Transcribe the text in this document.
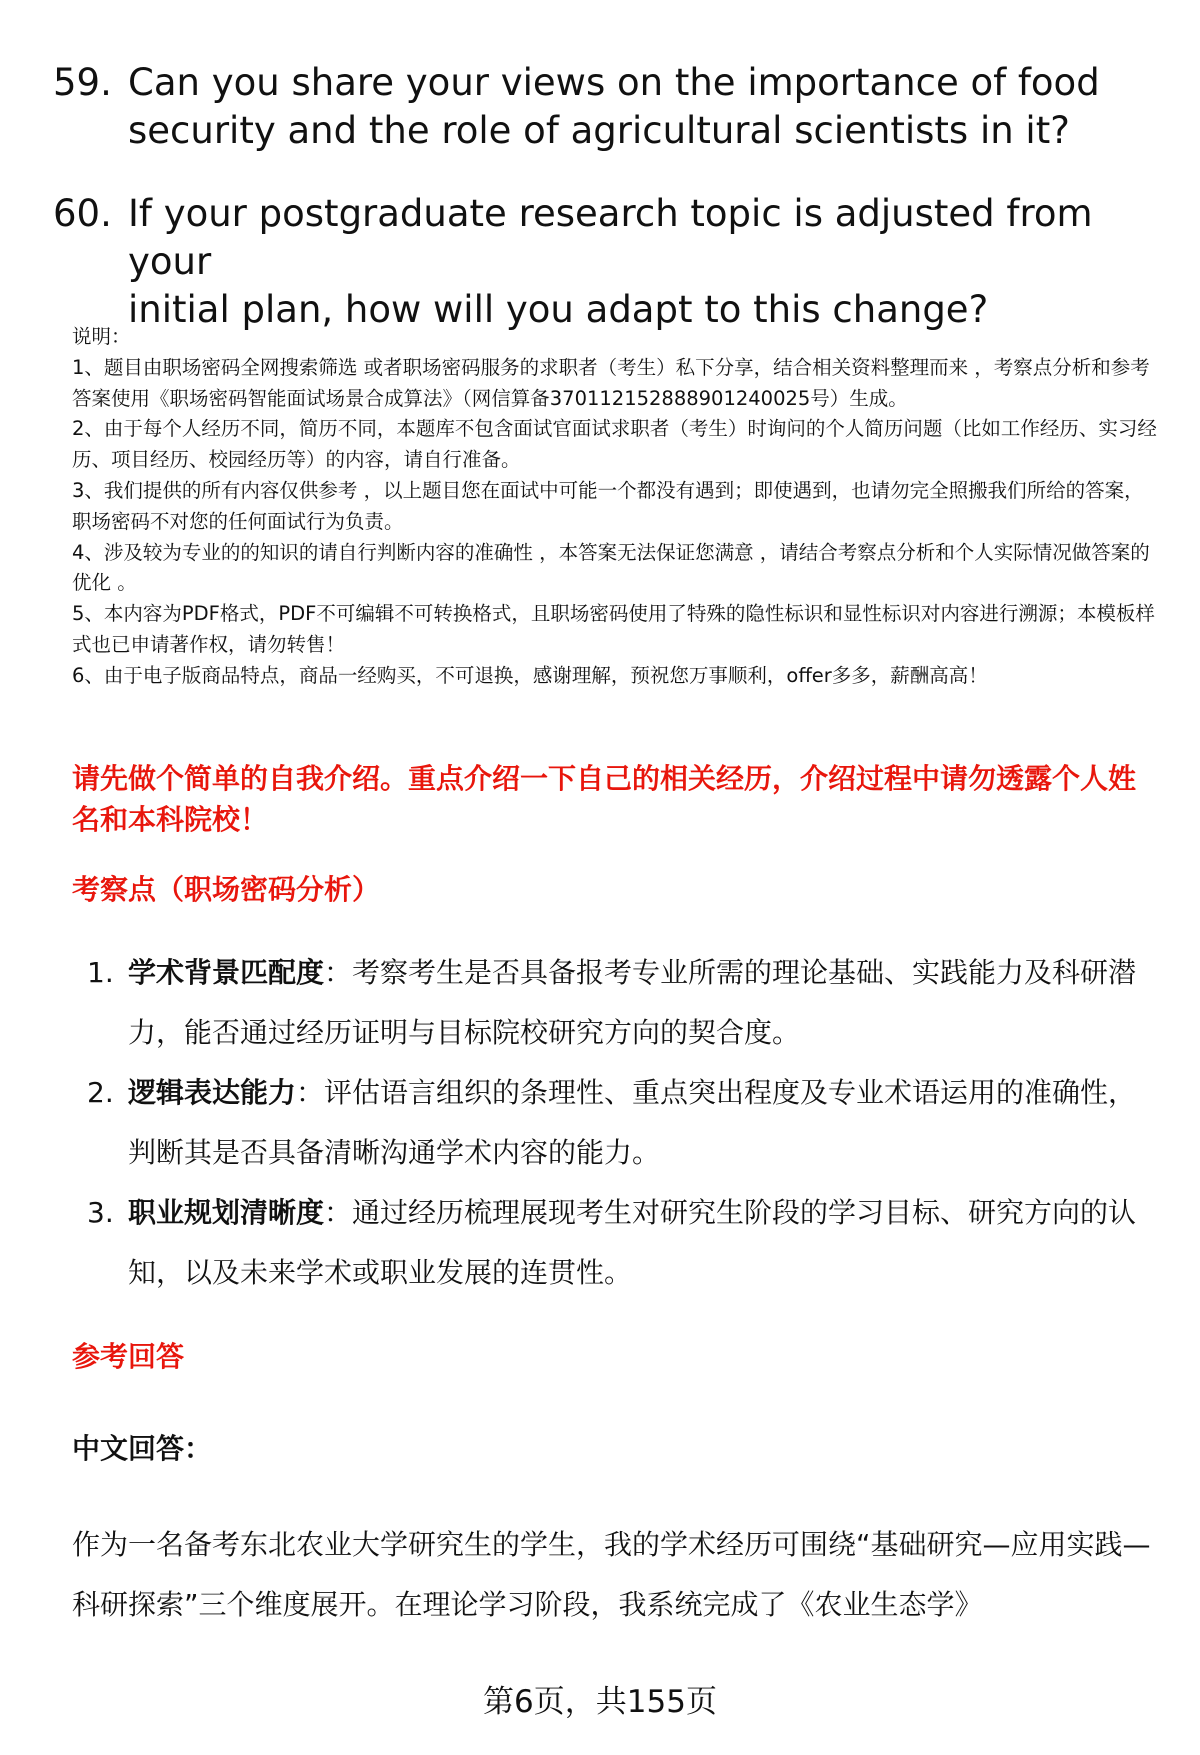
59. Can you share your views on the importance of food
security and the role of agricultural scientists in it?
60. If your postgraduate research topic is adjusted from your
initial plan, how will you adapt to this change?
说明：
1、题目由职场密码全网搜索筛选 或者职场密码服务的求职者（考生）私下分享，结合相关资料整理而来 ，考察点分析和参考答案使用《职场密码智能面试场景合成算法》（网信算备370112152888901240025号）生成。
2、由于每个人经历不同，简历不同，本题库不包含面试官面试求职者（考生）时询问的个人简历问题（比如工作经历、实习经历、项目经历、校园经历等）的内容，请自行准备。
3、我们提供的所有内容仅供参考 ，以上题目您在面试中可能一个都没有遇到；即使遇到，也请勿完全照搬我们所给的答案，职场密码不对您的任何面试行为负责。
4、涉及较为专业的的知识的请自行判断内容的准确性 ，本答案无法保证您满意 ，请结合考察点分析和个人实际情况做答案的优化 。
5、本内容为PDF格式，PDF不可编辑不可转换格式，且职场密码使用了特殊的隐性标识和显性标识对内容进行溯源；本模板样式也已申请著作权，请勿转售！
6、由于电子版商品特点，商品一经购买，不可退换，感谢理解，预祝您万事顺利，offer多多，薪酬高高！
请先做个简单的自我介绍。重点介绍一下自己的相关经历，介绍过程中请勿透露个人姓名和本科院校！
考察点（职场密码分析）
1. 学术背景匹配度：考察考生是否具备报考专业所需的理论基础、实践能力及科研潜力，能否通过经历证明与目标院校研究方向的契合度。
2. 逻辑表达能力：评估语言组织的条理性、重点突出程度及专业术语运用的准确性，判断其是否具备清晰沟通学术内容的能力。
3. 职业规划清晰度：通过经历梳理展现考生对研究生阶段的学习目标、研究方向的认知，以及未来学术或职业发展的连贯性。
参考回答
中文回答：
作为一名备考东北农业大学研究生的学生，我的学术经历可围绕“基础研究—应用实践—科研探索”三个维度展开。在理论学习阶段，我系统完成了《农业生态学》
第6页，共155页
